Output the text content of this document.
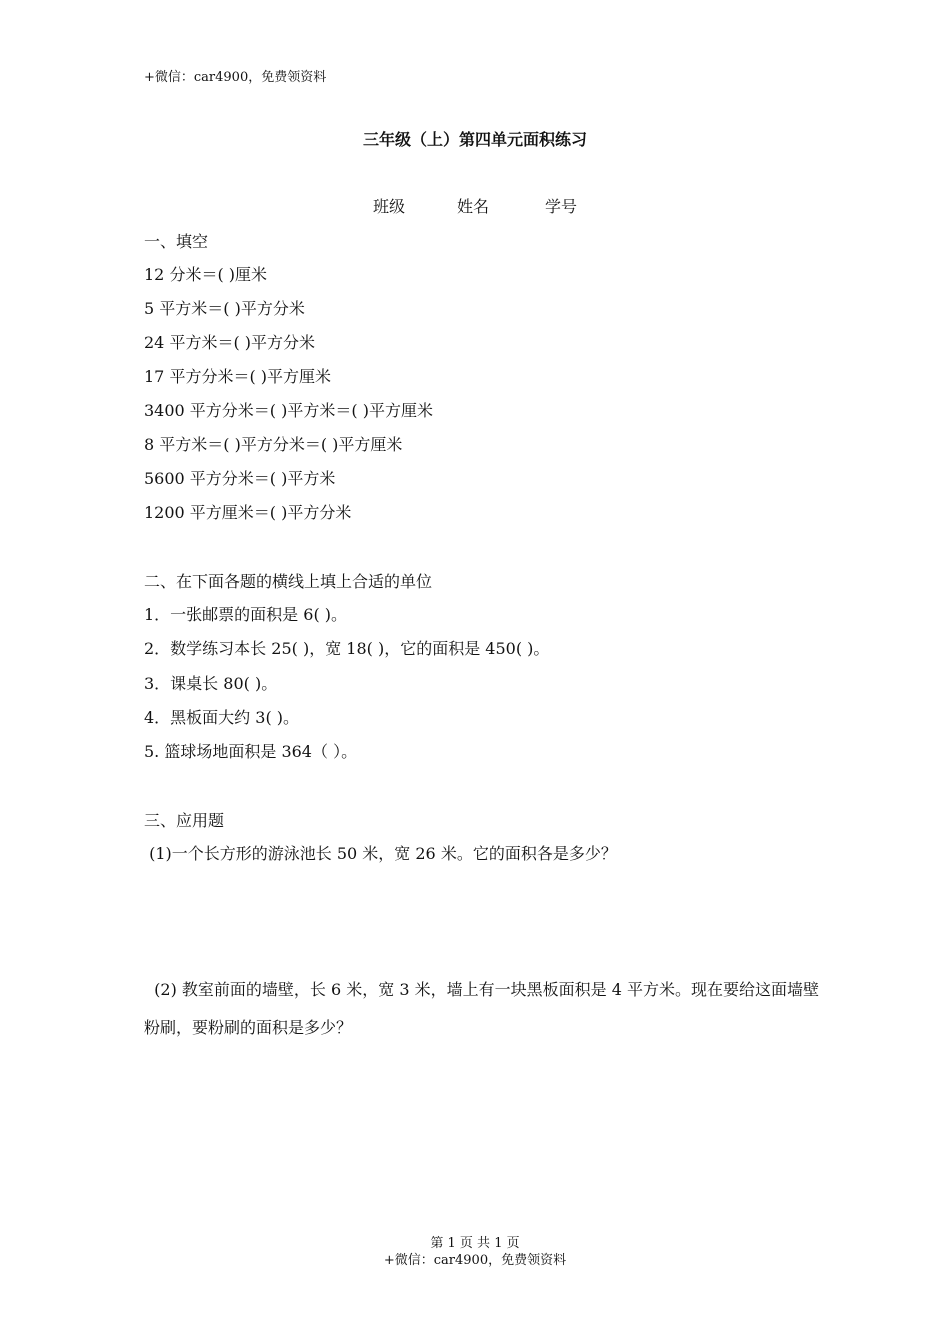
+微信：car4900，免费领资料
三年级（上）第四单元面积练习
班级	姓名	学号
一、填空
12 分米＝( )厘米
5 平方米＝( )平方分米
24 平方米＝( )平方分米
17 平方分米＝( )平方厘米
3400 平方分米＝( )平方米＝( )平方厘米
8 平方米＝( )平方分米＝( )平方厘米
5600 平方分米＝( )平方米
1200 平方厘米＝( )平方分米
二、在下面各题的横线上填上合适的单位
1．一张邮票的面积是 6( )。
2．数学练习本长 25( )，宽 18( )，它的面积是 450( )。
3．课桌长 80( )。
4．黑板面大约 3( )。
5. 篮球场地面积是 364（ ）。
三、应用题
(1)一个长方形的游泳池长 50 米，宽 26 米。它的面积各是多少？
(2) 教室前面的墙壁，长 6 米，宽 3 米，墙上有一块黑板面积是 4 平方米。现在要给这面墙壁
粉刷，要粉刷的面积是多少？
第 1 页 共 1 页
+微信：car4900，免费领资料
